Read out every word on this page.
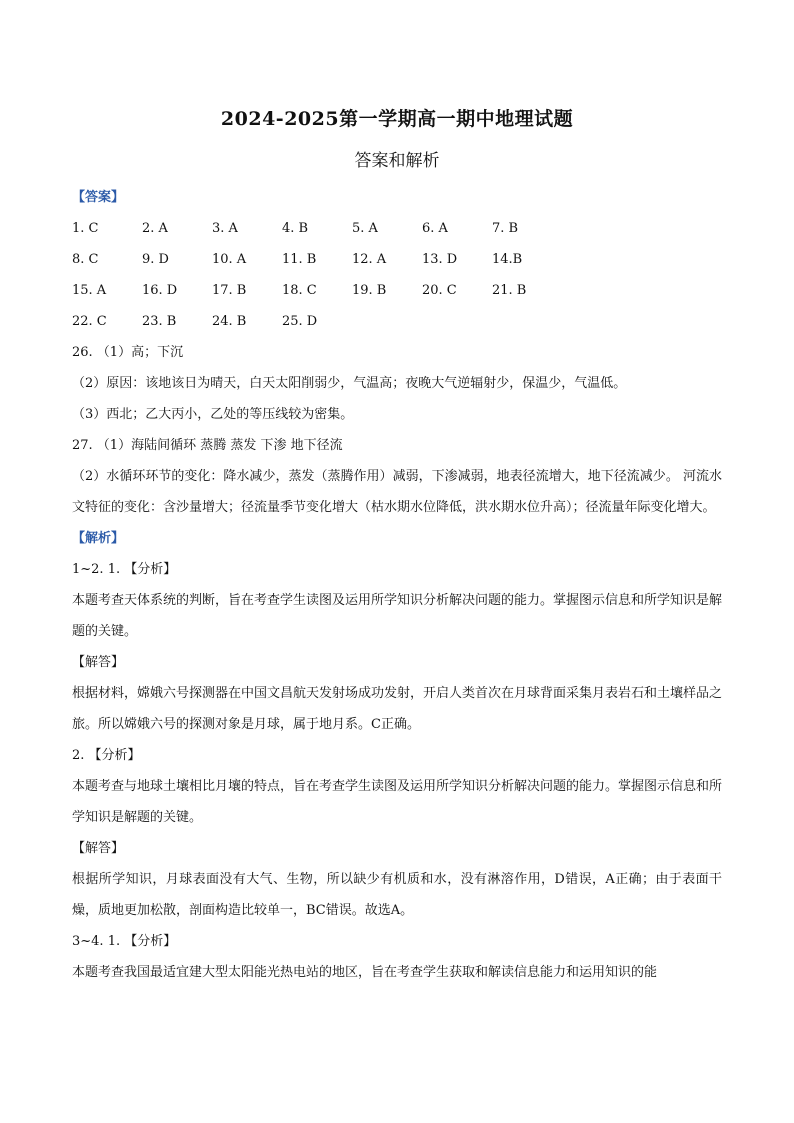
2024-2025第一学期高一期中地理试题
答案和解析
【答案】
1. C	2. A	3. A	4. B	5. A	6. A	7. B
8. C	9. D	10. A	11. B	12. A	13. D	14.B
15. A	16. D	17. B	18. C	19. B	20. C	21. B
22. C	23. B	24. B	25. D
26. （1）高；下沉
（2）原因：该地该日为晴天，白天太阳削弱少，气温高；夜晚大气逆辐射少，保温少，气温低。
（3）西北；乙大丙小，乙处的等压线较为密集。
27. （1）海陆间循环 蒸腾 蒸发 下渗 地下径流
（2）水循环环节的变化：降水减少，蒸发（蒸腾作用）减弱，下渗减弱，地表径流增大，地下径流减少。 河流水文特征的变化：含沙量增大；径流量季节变化增大（枯水期水位降低，洪水期水位升高）；径流量年际变化增大。
【解析】
1~2. 1. 【分析】
本题考查天体系统的判断，旨在考查学生读图及运用所学知识分析解决问题的能力。掌握图示信息和所学知识是解题的关键。
【解答】
根据材料，嫦娥六号探测器在中国文昌航天发射场成功发射，开启人类首次在月球背面采集月表岩石和土壤样品之旅。所以嫦娥六号的探测对象是月球，属于地月系。C正确。
2. 【分析】
本题考查与地球土壤相比月壤的特点，旨在考查学生读图及运用所学知识分析解决问题的能力。掌握图示信息和所学知识是解题的关键。
【解答】
根据所学知识，月球表面没有大气、生物，所以缺少有机质和水，没有淋溶作用，D错误，A正确；由于表面干燥，质地更加松散，剖面构造比较单一，BC错误。故选A。
3~4. 1. 【分析】
本题考查我国最适宜建大型太阳能光热电站的地区，旨在考查学生获取和解读信息能力和运用知识的能
